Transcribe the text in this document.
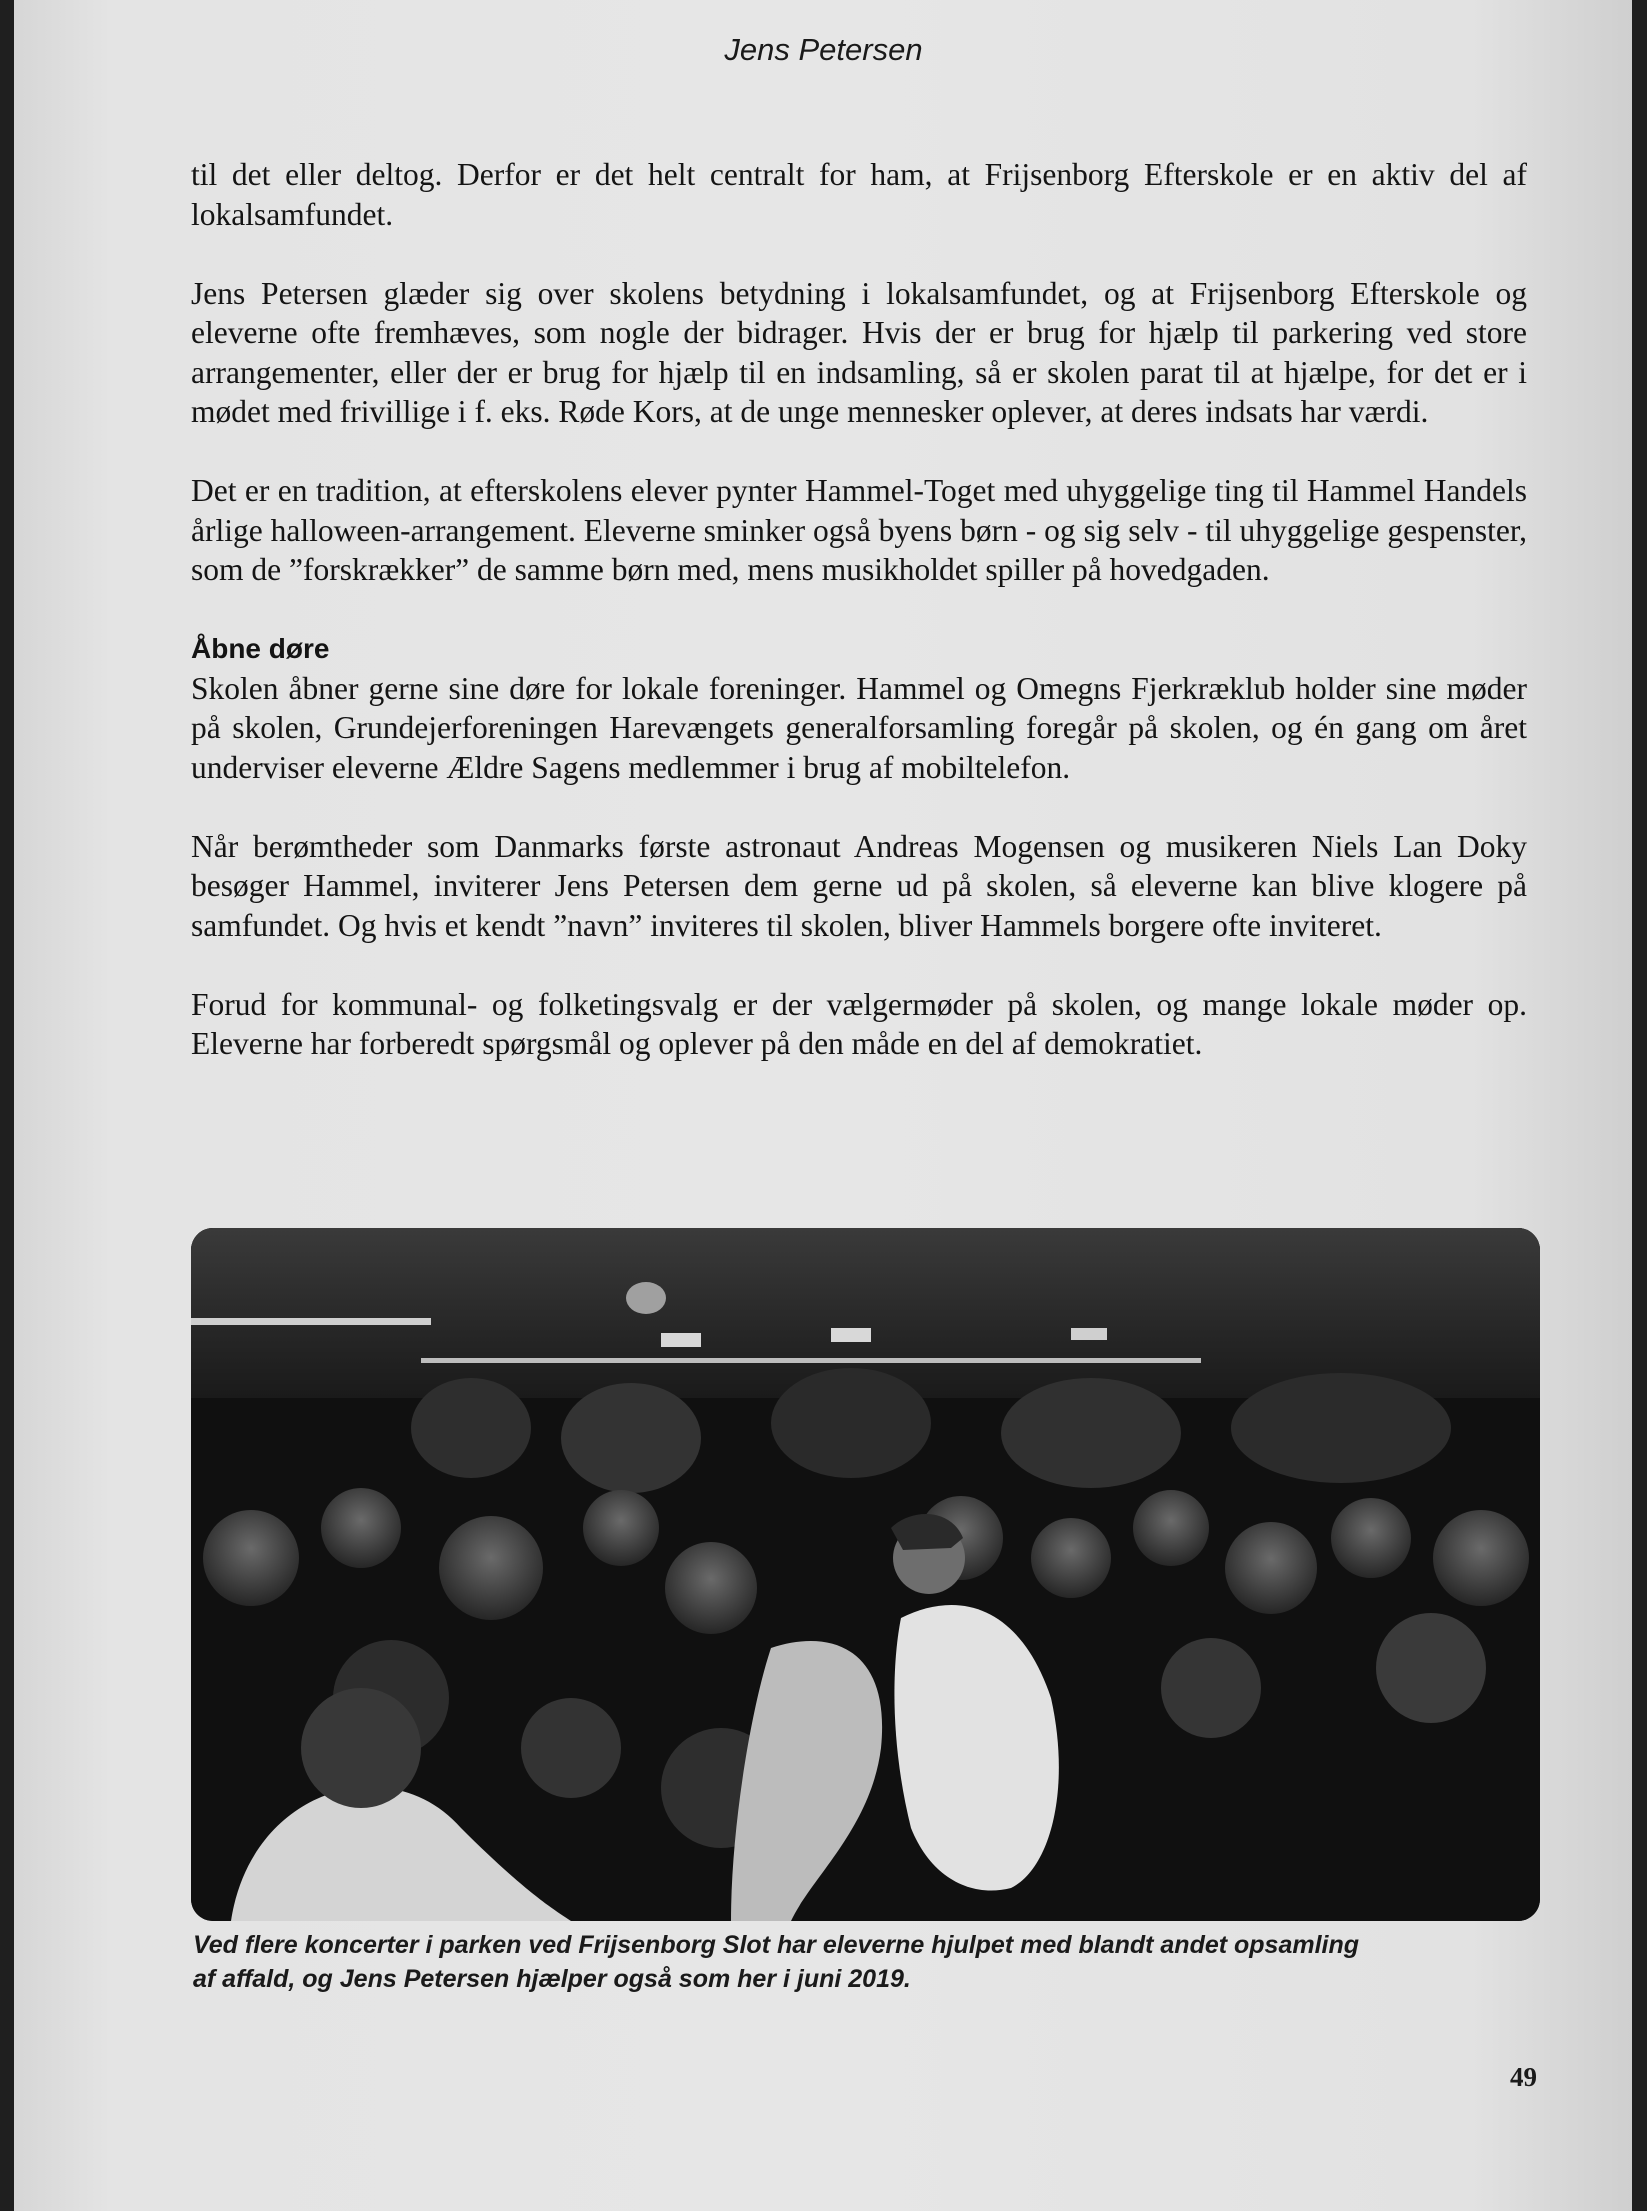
Jens Petersen

til det eller deltog. Derfor er det helt centralt for ham, at Frijsenborg Efterskole er en aktiv del af lokalsamfundet.

Jens Petersen glæder sig over skolens betydning i lokalsamfundet, og at Frijsenborg Efterskole og eleverne ofte fremhæves, som nogle der bidrager. Hvis der er brug for hjælp til parkering ved store arrangementer, eller der er brug for hjælp til en indsamling, så er skolen parat til at hjælpe, for det er i mødet med frivillige i f. eks. Røde Kors, at de unge mennesker oplever, at deres indsats har værdi.

Det er en tradition, at efterskolens elever pynter Hammel-Toget med uhyggelige ting til Hammel Handels årlige halloween-arrangement. Eleverne sminker også byens børn - og sig selv - til uhyggelige gespenster, som de ”forskrækker” de samme børn med, mens musikholdet spiller på hovedgaden.

Åbne døre

Skolen åbner gerne sine døre for lokale foreninger. Hammel og Omegns Fjerkræklub holder sine møder på skolen, Grundejerforeningen Harevængets generalforsamling foregår på skolen, og én gang om året underviser eleverne Ældre Sagens medlemmer i brug af mobiltelefon.

Når berømtheder som Danmarks første astronaut Andreas Mogensen og musikeren Niels Lan Doky besøger Hammel, inviterer Jens Petersen dem gerne ud på skolen, så eleverne kan blive klogere på samfundet. Og hvis et kendt ”navn” inviteres til skolen, bliver Hammels borgere ofte inviteret.

Forud for kommunal- og folketingsvalg er der vælgermøder på skolen, og mange lokale møder op. Eleverne har forberedt spørgsmål og oplever på den måde en del af demokratiet.

Ved flere koncerter i parken ved Frijsenborg Slot har eleverne hjulpet med blandt andet opsamling
af affald, og Jens Petersen hjælper også som her i juni 2019.
49
